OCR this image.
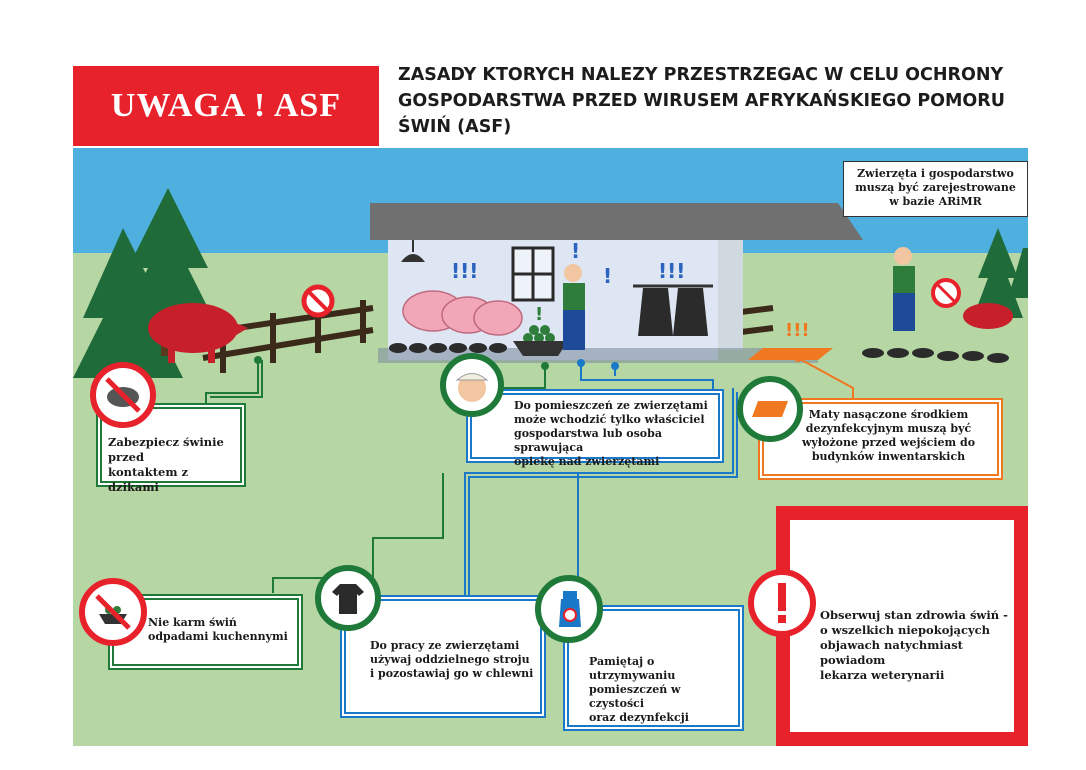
UWAGA ! ASF
ZASADY KTORYCH NALEZY PRZESTRZEGAC W CELU OCHRONY
GOSPODARSTWA PRZED WIRUSEM AFRYKAŃSKIEGO POMORU
ŚWIŃ (ASF)
!!!
!
!!!
!
!
!!!
Zwierzęta i gospodarstwo
muszą być zarejestrowane
w bazie ARiMR
Zabezpiecz świnie przed
kontaktem z dzikami
Do pomieszczeń ze zwierzętami
może wchodzić tylko właściciel
gospodarstwa lub osoba sprawująca
opiekę nad zwierzętami
Maty nasączone środkiem
dezynfekcyjnym muszą być
wyłożone przed wejściem do
budynków inwentarskich
Obserwuj stan zdrowia świń -
o wszelkich niepokojących
objawach natychmiast powiadom
lekarza weterynarii
Nie karm świń
odpadami kuchennymi
Do pracy ze zwierzętami
używaj oddzielnego stroju
i pozostawiaj go w chlewni
Pamiętaj o utrzymywaniu
pomieszczeń w czystości
oraz dezynfekcji
